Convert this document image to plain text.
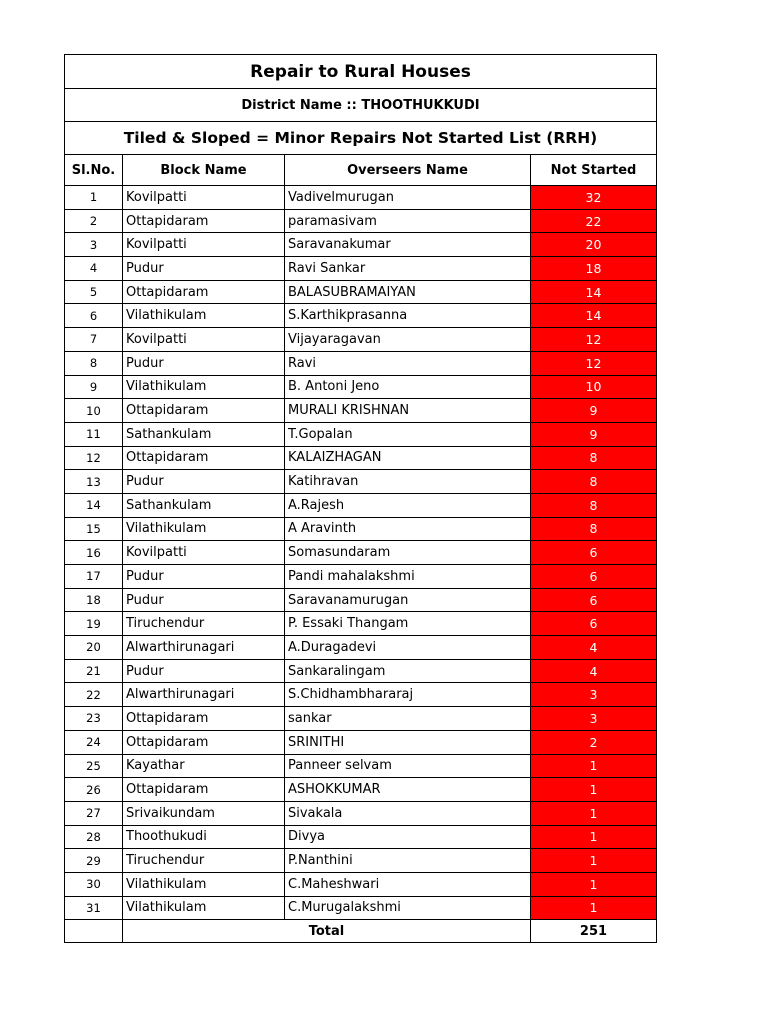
Repair to Rural Houses			
District Name :: THOOTHUKKUDI			
Tiled & Sloped = Minor Repairs Not Started List (RRH)			
Sl.No.	Block Name	Overseers Name	Not Started
1	Kovilpatti	Vadivelmurugan	32
2	Ottapidaram	paramasivam	22
3	Kovilpatti	Saravanakumar	20
4	Pudur	Ravi Sankar	18
5	Ottapidaram	BALASUBRAMAIYAN	14
6	Vilathikulam	S.Karthikprasanna	14
7	Kovilpatti	Vijayaragavan	12
8	Pudur	Ravi	12
9	Vilathikulam	B. Antoni Jeno	10
10	Ottapidaram	MURALI KRISHNAN	9
11	Sathankulam	T.Gopalan	9
12	Ottapidaram	KALAIZHAGAN	8
13	Pudur	Katihravan	8
14	Sathankulam	A.Rajesh	8
15	Vilathikulam	A Aravinth	8
16	Kovilpatti	Somasundaram	6
17	Pudur	Pandi mahalakshmi	6
18	Pudur	Saravanamurugan	6
19	Tiruchendur	P. Essaki Thangam	6
20	Alwarthirunagari	A.Duragadevi	4
21	Pudur	Sankaralingam	4
22	Alwarthirunagari	S.Chidhambhararaj	3
23	Ottapidaram	sankar	3
24	Ottapidaram	SRINITHI	2
25	Kayathar	Panneer selvam	1
26	Ottapidaram	ASHOKKUMAR	1
27	Srivaikundam	Sivakala	1
28	Thoothukudi	Divya	1
29	Tiruchendur	P.Nanthini	1
30	Vilathikulam	C.Maheshwari	1
31	Vilathikulam	C.Murugalakshmi	1
	Total		251
